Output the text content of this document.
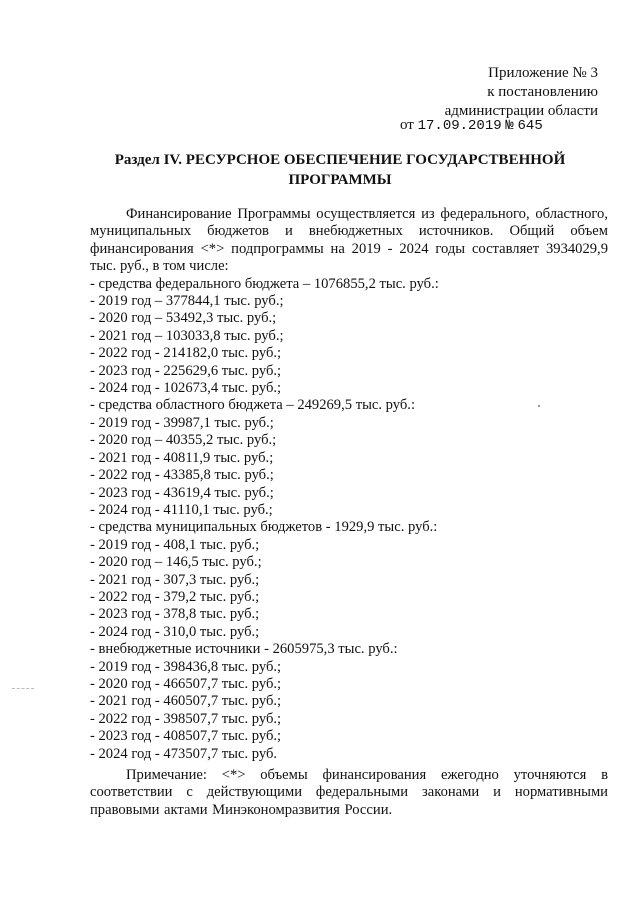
Приложение № 3
к постановлению
администрации области
от 17.09.2019 № 645
Раздел IV. РЕСУРСНОЕ ОБЕСПЕЧЕНИЕ ГОСУДАРСТВЕННОЙ
ПРОГРАММЫ

Финансирование Программы осуществляется из федерального, областного, муниципальных бюджетов и внебюджетных источников. Общий объем финансирования <*> подпрограммы на 2019 - 2024 годы составляет 3934029,9 тыс. руб., в том числе:

- средства федерального бюджета – 1076855,2 тыс. руб.:

- 2019 год – 377844,1 тыс. руб.;

- 2020 год – 53492,3 тыс. руб.;

- 2021 год – 103033,8 тыс. руб.;

- 2022 год - 214182,0 тыс. руб.;

- 2023 год - 225629,6 тыс. руб.;

- 2024 год - 102673,4 тыс. руб.;

- средства областного бюджета – 249269,5 тыс. руб.:

- 2019 год - 39987,1 тыс. руб.;

- 2020 год – 40355,2 тыс. руб.;

- 2021 год - 40811,9 тыс. руб.;

- 2022 год - 43385,8 тыс. руб.;

- 2023 год - 43619,4 тыс. руб.;

- 2024 год - 41110,1 тыс. руб.;

- средства муниципальных бюджетов - 1929,9 тыс. руб.:

- 2019 год - 408,1 тыс. руб.;

- 2020 год – 146,5 тыс. руб.;

- 2021 год - 307,3 тыс. руб.;

- 2022 год - 379,2 тыс. руб.;

- 2023 год - 378,8 тыс. руб.;

- 2024 год - 310,0 тыс. руб.;

- внебюджетные источники - 2605975,3 тыс. руб.:

- 2019 год - 398436,8 тыс. руб.;

- 2020 год - 466507,7 тыс. руб.;

- 2021 год - 460507,7 тыс. руб.;

- 2022 год - 398507,7 тыс. руб.;

- 2023 год - 408507,7 тыс. руб.;

- 2024 год - 473507,7 тыс. руб.

Примечание: <*> объемы финансирования ежегодно уточняются в соответствии с действующими федеральными законами и нормативными правовыми актами Минэкономразвития России.
